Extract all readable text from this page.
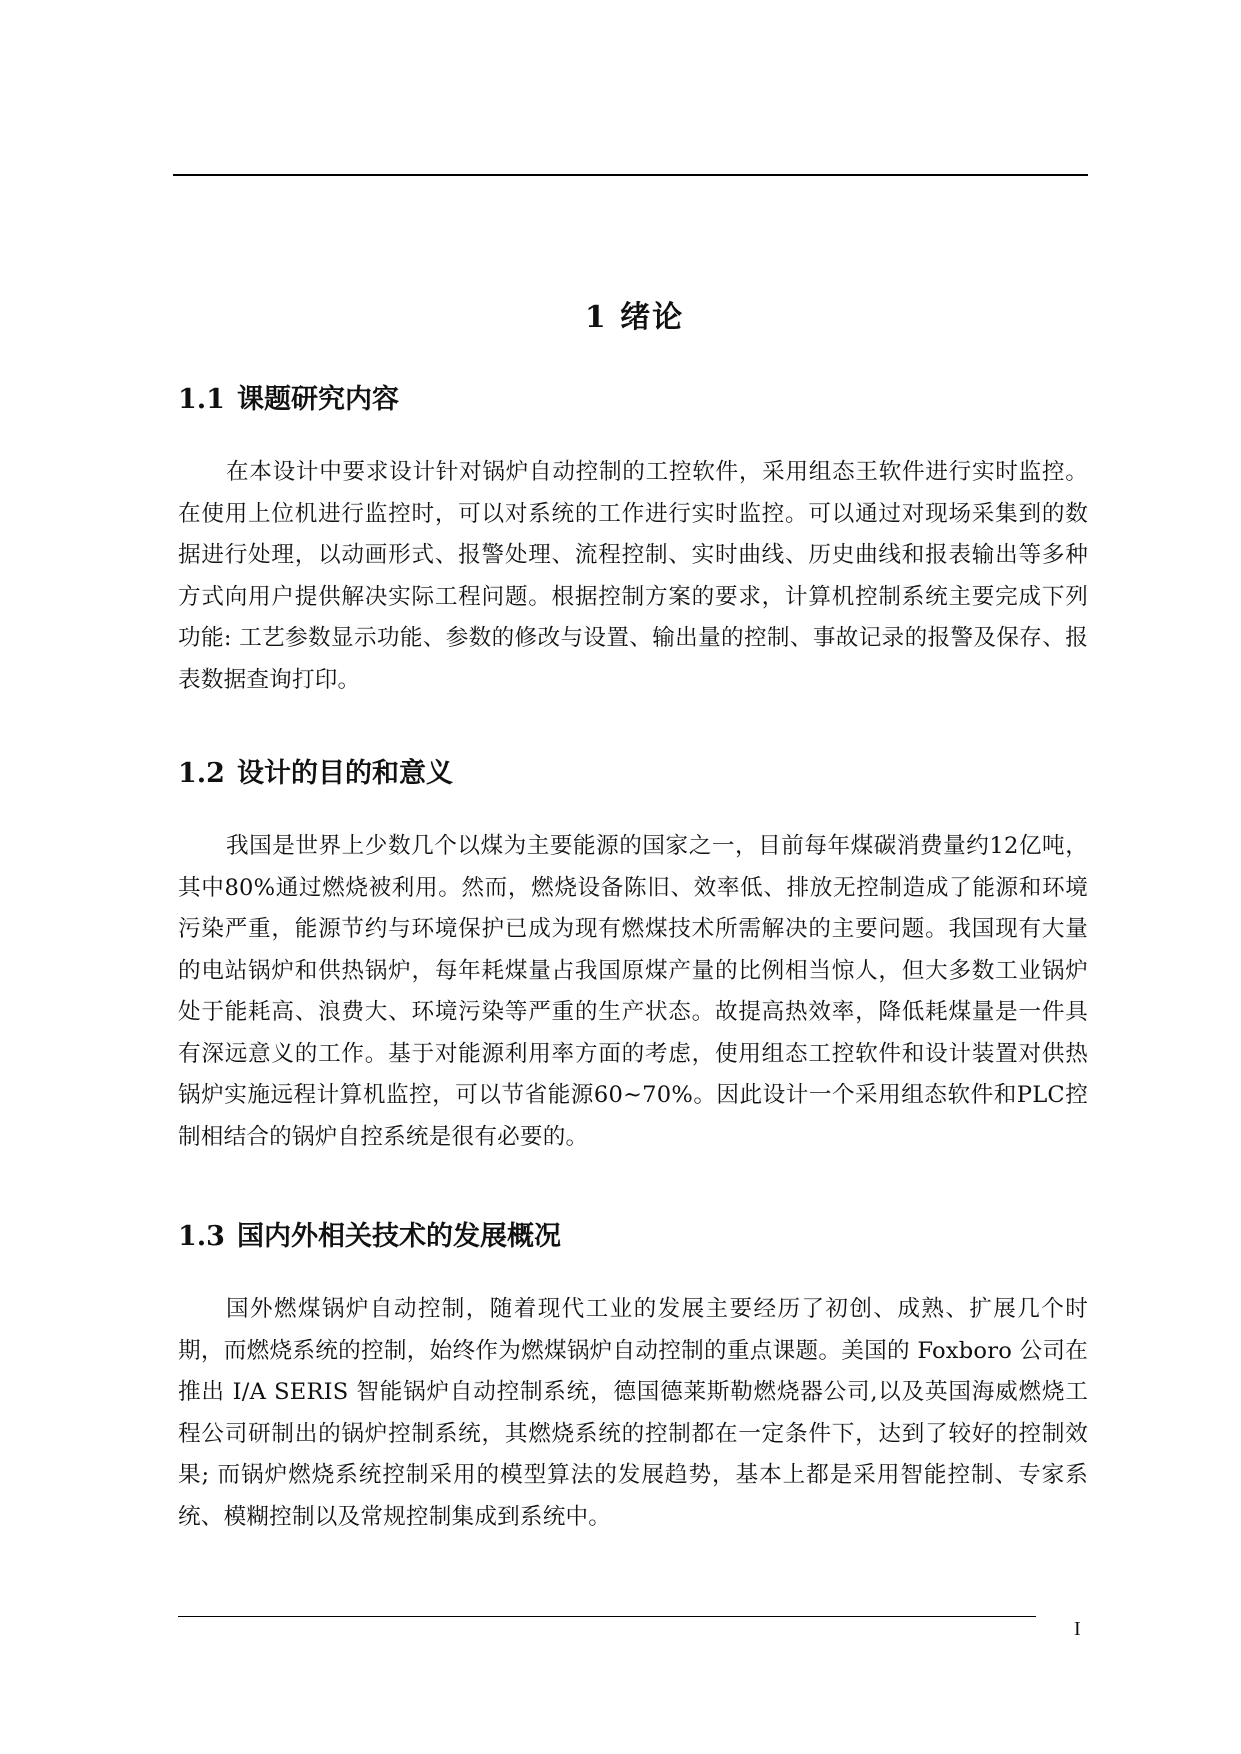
1 绪论
1.1 课题研究内容

在本设计中要求设计针对锅炉自动控制的工控软件，采用组态王软件进行实时监控。在使用上位机进行监控时，可以对系统的工作进行实时监控。可以通过对现场采集到的数据进行处理，以动画形式、报警处理、流程控制、实时曲线、历史曲线和报表输出等多种方式向用户提供解决实际工程问题。根据控制方案的要求，计算机控制系统主要完成下列功能: 工艺参数显示功能、参数的修改与设置、输出量的控制、事故记录的报警及保存、报表数据查询打印。

1.2 设计的目的和意义

我国是世界上少数几个以煤为主要能源的国家之一，目前每年煤碳消费量约12亿吨，其中80%通过燃烧被利用。然而，燃烧设备陈旧、效率低、排放无控制造成了能源和环境污染严重，能源节约与环境保护已成为现有燃煤技术所需解决的主要问题。我国现有大量的电站锅炉和供热锅炉，每年耗煤量占我国原煤产量的比例相当惊人，但大多数工业锅炉处于能耗高、浪费大、环境污染等严重的生产状态。故提高热效率，降低耗煤量是一件具有深远意义的工作。基于对能源利用率方面的考虑，使用组态工控软件和设计装置对供热锅炉实施远程计算机监控，可以节省能源60~70%。因此设计一个采用组态软件和PLC控制相结合的锅炉自控系统是很有必要的。

1.3 国内外相关技术的发展概况

国外燃煤锅炉自动控制，随着现代工业的发展主要经历了初创、成熟、扩展几个时期，而燃烧系统的控制，始终作为燃煤锅炉自动控制的重点课题。美国的 Foxboro 公司在推出 I/A SERIS 智能锅炉自动控制系统，德国德莱斯勒燃烧器公司,以及英国海威燃烧工程公司研制出的锅炉控制系统，其燃烧系统的控制都在一定条件下，达到了较好的控制效果; 而锅炉燃烧系统控制采用的模型算法的发展趋势，基本上都是采用智能控制、专家系统、模糊控制以及常规控制集成到系统中。

I
